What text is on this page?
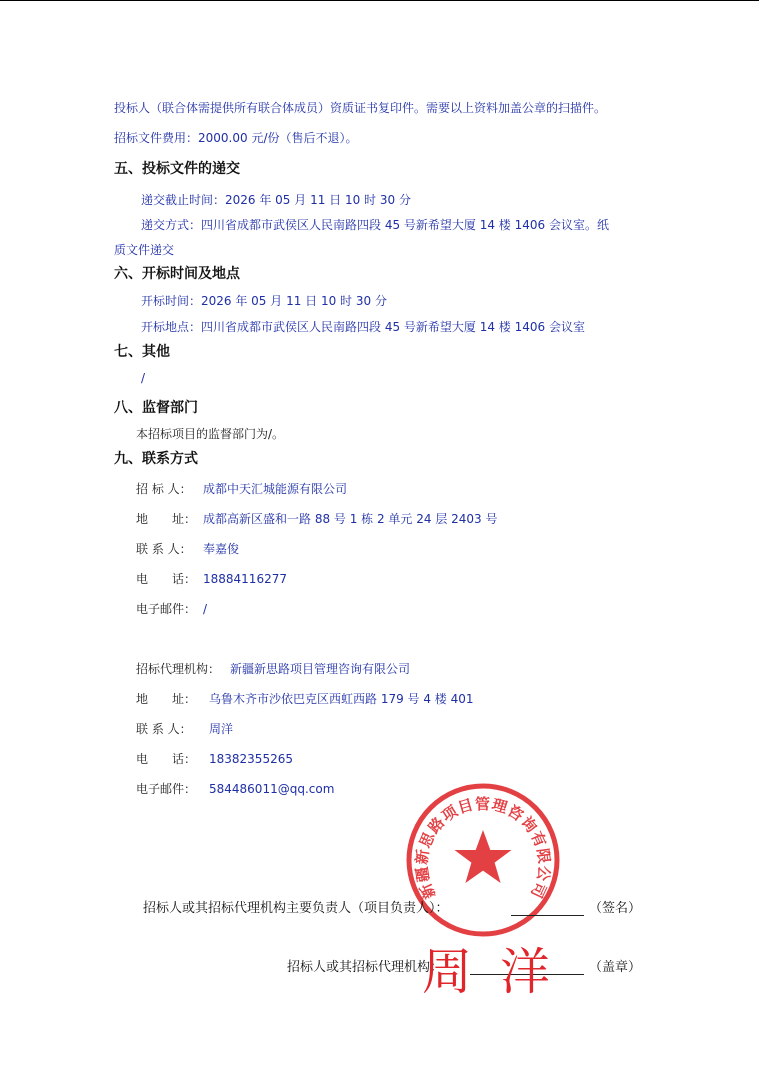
投标人（联合体需提供所有联合体成员）资质证书复印件。需要以上资料加盖公章的扫描件。
招标文件费用：2000.00 元/份（售后不退）。
五、投标文件的递交
递交截止时间：2026 年 05 月 11 日 10 时 30 分
递交方式：四川省成都市武侯区人民南路四段 45 号新希望大厦 14 楼 1406 会议室。纸
质文件递交
六、开标时间及地点
开标时间：2026 年 05 月 11 日 10 时 30 分
开标地点：四川省成都市武侯区人民南路四段 45 号新希望大厦 14 楼 1406 会议室
七、其他
/
八、监督部门
本招标项目的监督部门为/。
九、联系方式
招 标 人： 成都中天汇城能源有限公司
地　　址： 成都高新区盛和一路 88 号 1 栋 2 单元 24 层 2403 号
联 系 人： 奉嘉俊
电　　话： 18884116277
电子邮件： /
招标代理机构： 新疆新思路项目管理咨询有限公司
地　　址： 乌鲁木齐市沙依巴克区西虹西路 179 号 4 楼 401
联 系 人： 周洋
电　　话： 18382355265
电子邮件： 584486011@qq.com
新疆新思路项目管理咨询有限公司
招标人或其招标代理机构主要负责人（项目负责人）：	（签名）
招标人或其招标代理机构：	（盖章）
周洋
